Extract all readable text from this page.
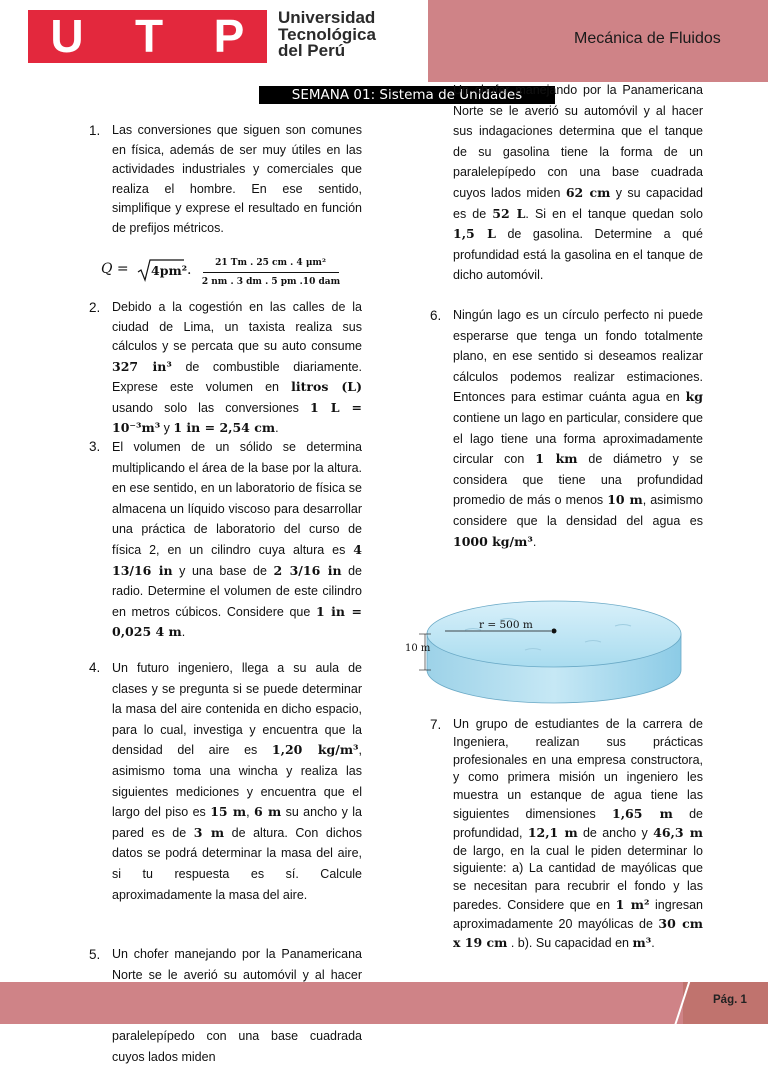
U	T	P	Universidad
Tecnológica
del Perú
Mecánica de Fluidos
SEMANA 01: Sistema de Unidades
1. Las conversiones que siguen son comunes en física, además de ser muy útiles en las actividades industriales y comerciales que realiza el hombre. En ese sentido, simplifique y exprese el resultado en función de prefijos métricos.
Q = 4pm² .	21 Tm . 25 cm . 4 μm²
2 nm . 3 dm . 5 pm .10 dam
2. Debido a la cogestión en las calles de la ciudad de Lima, un taxista realiza sus cálculos y se percata que su auto consume 327 in³ de combustible diariamente. Exprese este volumen en litros (L) usando solo las conversiones 1 L = 10⁻³m³ y 1 in = 2,54 cm.
3. El volumen de un sólido se determina multiplicando el área de la base por la altura. en ese sentido, en un laboratorio de física se almacena un líquido viscoso para desarrollar una práctica de laboratorio del curso de física 2, en un cilindro cuya altura es 4 13/16 in y una base de 2 3/16 in de radio. Determine el volumen de este cilindro en metros cúbicos. Considere que 1 in = 0,025 4 m.
4. Un futuro ingeniero, llega a su aula de clases y se pregunta si se puede determinar la masa del aire contenida en dicho espacio, para lo cual, investiga y encuentra que la densidad del aire es 1,20 kg/m³, asimismo toma una wincha y realiza las siguientes mediciones y encuentra que el largo del piso es 15 m, 6 m su ancho y la pared es de 3 m de altura. Con dichos datos se podrá determinar la masa del aire, si tu respuesta es sí. Calcule aproximadamente la masa del aire.
5. Un chofer manejando por la Panamericana Norte se le averió su automóvil y al hacer paralelepípedo con una base cuadrada cuyos lados miden
Un chofer manejando por la Panamericana Norte se le averió su automóvil y al hacer sus indagaciones determina que el tanque de su gasolina tiene la forma de un paralelepípedo con una base cuadrada cuyos lados miden 62 cm y su capacidad es de 52 L. Si en el tanque quedan solo 1,5 L de gasolina. Determine a qué profundidad está la gasolina en el tanque de dicho automóvil.
6. Ningún lago es un círculo perfecto ni puede esperarse que tenga un fondo totalmente plano, en ese sentido si deseamos realizar cálculos podemos realizar estimaciones. Entonces para estimar cuánta agua en kg contiene un lago en particular, considere que el lago tiene una forma aproximadamente circular con 1 km de diámetro y se considera que tiene una profundidad promedio de más o menos 10 m, asimismo considere que la densidad del agua es 1000 kg/m³.
r = 500 m
10 m
7. Un grupo de estudiantes de la carrera de Ingeniera, realizan sus prácticas profesionales en una empresa constructora, y como primera misión un ingeniero les muestra un estanque de agua tiene las siguientes dimensiones 1,65 m de profundidad, 12,1 m de ancho y 46,3 m de largo, en la cual le piden determinar lo siguiente: a) La cantidad de mayólicas que se necesitan para recubrir el fondo y las paredes. Considere que en 1 m² ingresan aproximadamente 20 mayólicas de 30 cm x 19 cm . b). Su capacidad en m³.
Pág. 1
